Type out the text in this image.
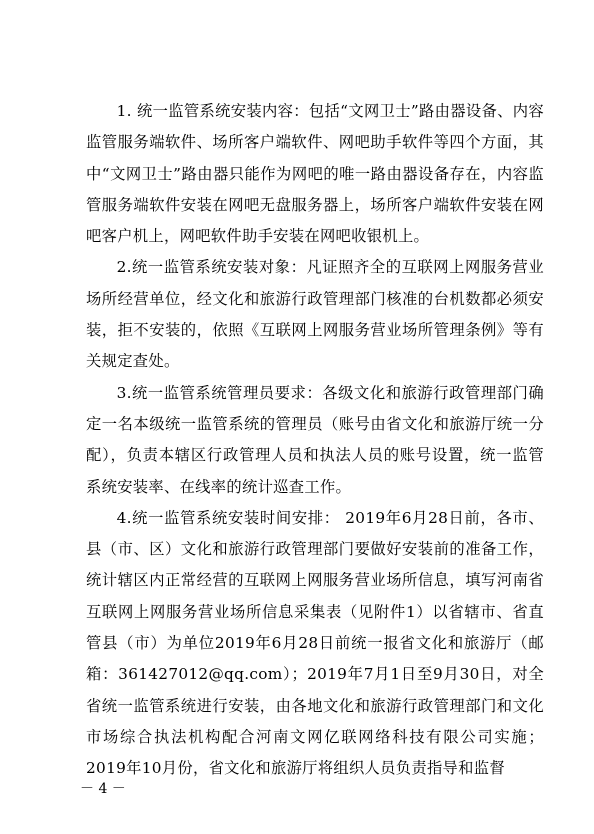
1. 统一监管系统安装内容：包括“文网卫士”路由器设备、内容监管服务端软件、场所客户端软件、网吧助手软件等四个方面，其中“文网卫士”路由器只能作为网吧的唯一路由器设备存在，内容监管服务端软件安装在网吧无盘服务器上，场所客户端软件安装在网吧客户机上，网吧软件助手安装在网吧收银机上。

2.统一监管系统安装对象：凡证照齐全的互联网上网服务营业场所经营单位，经文化和旅游行政管理部门核准的台机数都必须安装，拒不安装的，依照《互联网上网服务营业场所管理条例》等有关规定查处。

3.统一监管系统管理员要求：各级文化和旅游行政管理部门确定一名本级统一监管系统的管理员（账号由省文化和旅游厅统一分配），负责本辖区行政管理人员和执法人员的账号设置，统一监管系统安装率、在线率的统计巡查工作。

4.统一监管系统安装时间安排： 2019年6月28日前，各市、县（市、区）文化和旅游行政管理部门要做好安装前的准备工作，统计辖区内正常经营的互联网上网服务营业场所信息，填写河南省互联网上网服务营业场所信息采集表（见附件1）以省辖市、省直管县（市）为单位2019年6月28日前统一报省文化和旅游厅（邮箱：361427012@qq.com）；2019年7月1日至9月30日，对全省统一监管系统进行安装，由各地文化和旅游行政管理部门和文化市场综合执法机构配合河南文网亿联网络科技有限公司实施；2019年10月份，省文化和旅游厅将组织人员负责指导和监督

－ 4 －
